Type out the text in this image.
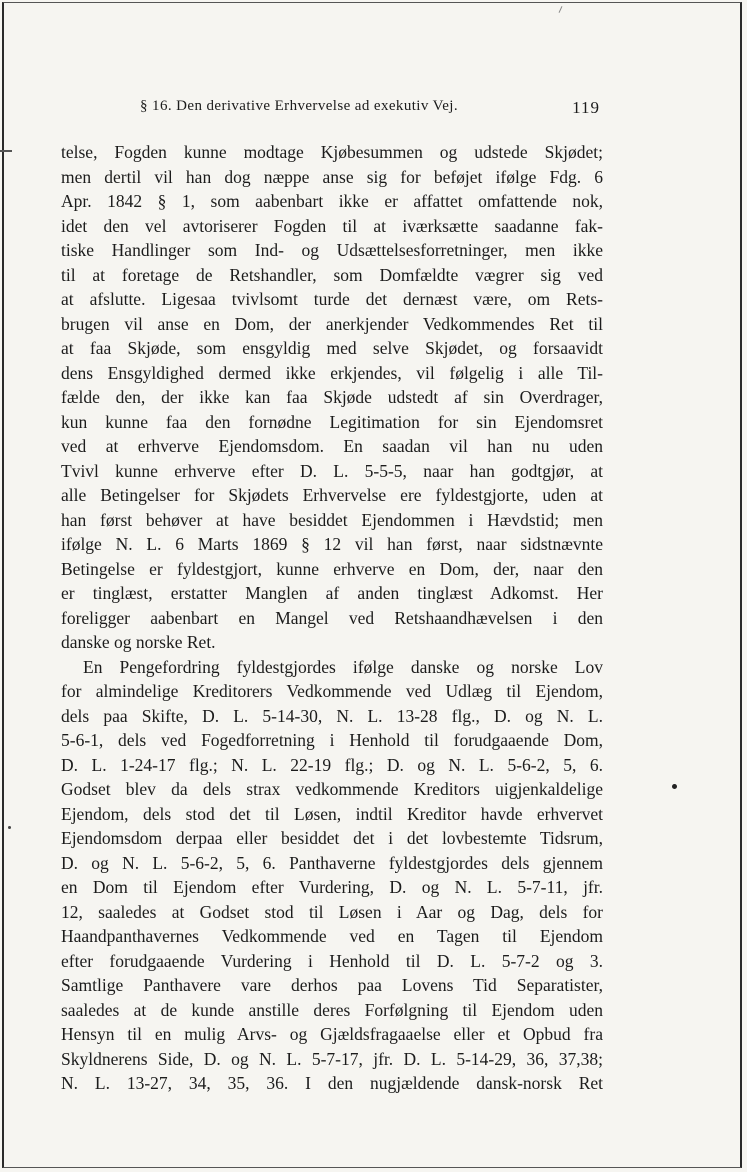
§ 16. Den derivative Erhvervelse ad exekutiv Vej.	119
telse, Fogden kunne modtage Kjøbesummen og udstede Skjødet;
men dertil vil han dog næppe anse sig for beføjet ifølge Fdg. 6
Apr. 1842 § 1, som aabenbart ikke er affattet omfattende nok,
idet den vel avtoriserer Fogden til at iværksætte saadanne fak-
tiske Handlinger som Ind- og Udsættelsesforretninger, men ikke
til at foretage de Retshandler, som Domfældte vægrer sig ved
at afslutte. Ligesaa tvivlsomt turde det dernæst være, om Rets-
brugen vil anse en Dom, der anerkjender Vedkommendes Ret til
at faa Skjøde, som ensgyldig med selve Skjødet, og forsaavidt
dens Ensgyldighed dermed ikke erkjendes, vil følgelig i alle Til-
fælde den, der ikke kan faa Skjøde udstedt af sin Overdrager,
kun kunne faa den fornødne Legitimation for sin Ejendomsret
ved at erhverve Ejendomsdom. En saadan vil han nu uden
Tvivl kunne erhverve efter D. L. 5-5-5, naar han godtgjør, at
alle Betingelser for Skjødets Erhvervelse ere fyldestgjorte, uden at
han først behøver at have besiddet Ejendommen i Hævdstid; men
ifølge N. L. 6 Marts 1869 § 12 vil han først, naar sidstnævnte
Betingelse er fyldestgjort, kunne erhverve en Dom, der, naar den
er tinglæst, erstatter Manglen af anden tinglæst Adkomst. Her
foreligger aabenbart en Mangel ved Retshaandhævelsen i den
danske og norske Ret.
En Pengefordring fyldestgjordes ifølge danske og norske Lov
for almindelige Kreditorers Vedkommende ved Udlæg til Ejendom,
dels paa Skifte, D. L. 5-14-30, N. L. 13-28 flg., D. og N. L.
5-6-1, dels ved Fogedforretning i Henhold til forudgaaende Dom,
D. L. 1-24-17 flg.; N. L. 22-19 flg.; D. og N. L. 5-6-2, 5, 6.
Godset blev da dels strax vedkommende Kreditors uigjenkaldelige
Ejendom, dels stod det til Løsen, indtil Kreditor havde erhvervet
Ejendomsdom derpaa eller besiddet det i det lovbestemte Tidsrum,
D. og N. L. 5-6-2, 5, 6. Panthaverne fyldestgjordes dels gjennem
en Dom til Ejendom efter Vurdering, D. og N. L. 5-7-11, jfr.
12, saaledes at Godset stod til Løsen i Aar og Dag, dels for
Haandpanthavernes Vedkommende ved en Tagen til Ejendom
efter forudgaaende Vurdering i Henhold til D. L. 5-7-2 og 3.
Samtlige Panthavere vare derhos paa Lovens Tid Separatister,
saaledes at de kunde anstille deres Forfølgning til Ejendom uden
Hensyn til en mulig Arvs- og Gjældsfragaaelse eller et Opbud fra
Skyldnerens Side, D. og N. L. 5-7-17, jfr. D. L. 5-14-29, 36, 37,38;
N. L. 13-27, 34, 35, 36. I den nugjældende dansk-norsk Ret
